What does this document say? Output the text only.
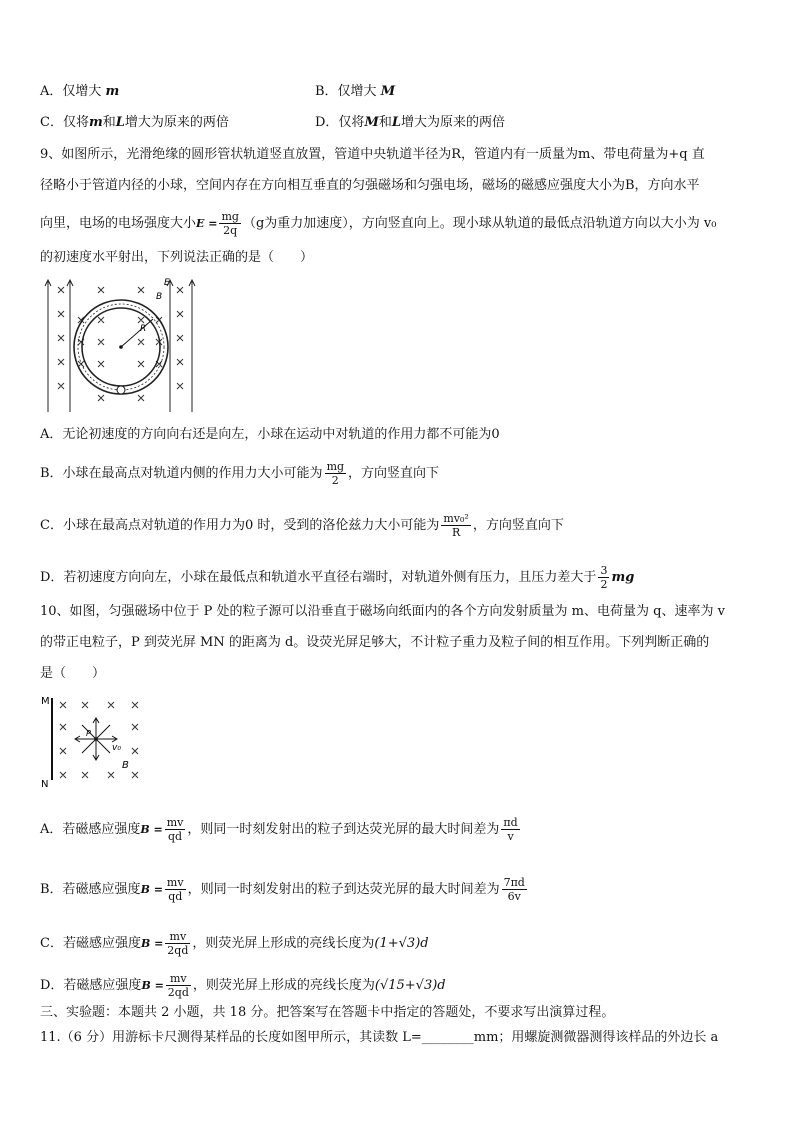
A．仅增大 m	B．仅增大 M
C．仅将m和L增大为原来的两倍	D．仅将M和L增大为原来的两倍
9、如图所示，光滑绝缘的圆形管状轨道竖直放置，管道中央轨道半径为R，管道内有一质量为m、带电荷量为+q 直
径略小于管道内径的小球，空间内存在方向相互垂直的匀强磁场和匀强电场，磁场的磁感应强度大小为B，方向水平
向里，电场的电场强度大小$E = \frac{mg}{2q} (g$为重力加速度），方向竖直向上。现小球从轨道的最低点沿轨道方向以大小为 v₀
的初速度水平射出，下列说法正确的是（　　）
R
B
E
A．无论初速度的方向向右还是向左，小球在运动中对轨道的作用力都不可能为0
B．小球在最高点对轨道内侧的作用力大小可能为 $\frac{mg}{2}$ ，方向竖直向下
C．小球在最高点对轨道的作用力为0 时，受到的洛伦兹力大小可能为 $\frac{\text{mv₀²}}{R}$ ，方向竖直向下
D．若初速度方向向左，小球在最低点和轨道水平直径右端时，对轨道外侧有压力，且压力差大于 $\frac{3}{2}$ mg
10、如图，匀强磁场中位于 P 处的粒子源可以沿垂直于磁场向纸面内的各个方向发射质量为 m、电荷量为 q、速率为 v
的带正电粒子，P 到荧光屏 MN 的距离为 d。设荧光屏足够大，不计粒子重力及粒子间的相互作用。下列判断正确的
是（　　）
M
N
P
v₀
B
A．若磁感应强度$B = \frac{mv}{qd}$ ，则同一时刻发射出的粒子到达荧光屏的最大时间差为 $\frac{\pi d}{v}$
B．若磁感应强度$B = \frac{mv}{qd}$ ，则同一时刻发射出的粒子到达荧光屏的最大时间差为 $\frac{7\pi d}{6v}$
C．若磁感应强度$B = \frac{mv}{2qd}$ ，则荧光屏上形成的亮线长度为(1+√3)d
D．若磁感应强度$B = \frac{mv}{2qd}$ ，则荧光屏上形成的亮线长度为(√15+√3)d
三、实验题：本题共 2 小题，共 18 分。把答案写在答题卡中指定的答题处，不要求写出演算过程。
11.（6 分）用游标卡尺测得某样品的长度如图甲所示，其读数 L=________mm；用螺旋测微器测得该样品的外边长 a
